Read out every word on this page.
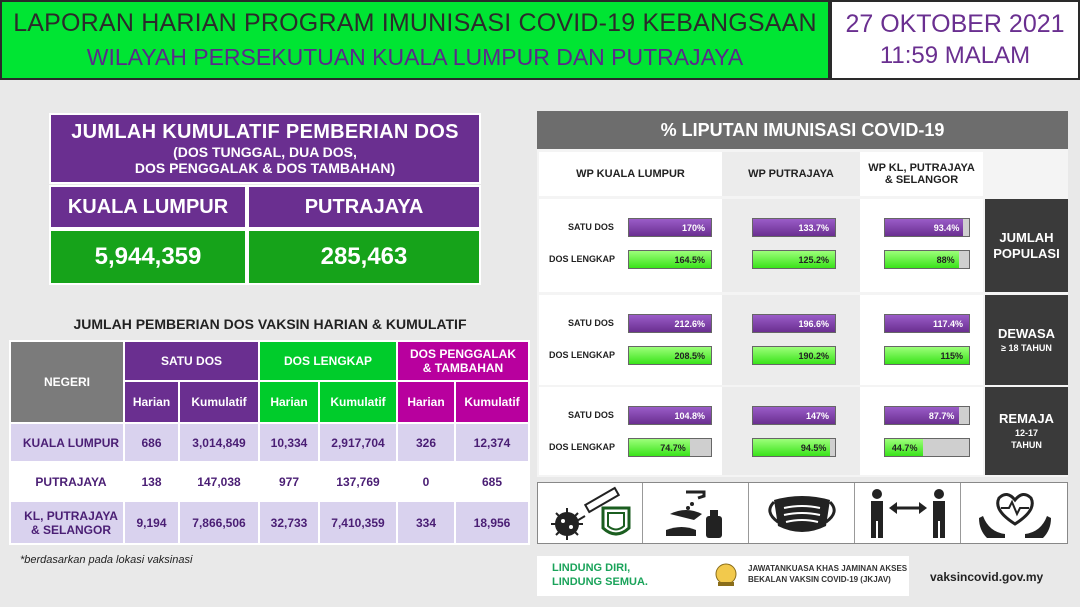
LAPORAN HARIAN PROGRAM IMUNISASI COVID-19 KEBANGSAAN
WILAYAH PERSEKUTUAN KUALA LUMPUR DAN PUTRAJAYA
27 OKTOBER 2021
11:59 MALAM
JUMLAH KUMULATIF PEMBERIAN DOS
(DOS TUNGGAL, DUA DOS,
DOS PENGGALAK & DOS TAMBAHAN)
KUALA LUMPUR	PUTRAJAYA
5,944,359	285,463
JUMLAH PEMBERIAN DOS VAKSIN HARIAN & KUMULATIF
NEGERI	SATU DOS		DOS LENGKAP		DOS PENGGALAK
& TAMBAHAN	

	Harian	Kumulatif	Harian	Kumulatif	Harian	Kumulatif
KUALA LUMPUR	686	3,014,849	10,334	2,917,704	326	12,374
PUTRAJAYA	138	147,038	977	137,769	0	685

KL, PUTRAJAYA
& SELANGOR	9,194	7,866,506	32,733	7,410,359	334	18,956
*berdasarkan pada lokasi vaksinasi
% LIPUTAN IMUNISASI COVID-19
WP KUALA LUMPUR	WP PUTRAJAYA	WP KL, PUTRAJAYA
& SELANGOR
SATU DOS	170%	133.7%	93.4%
DOS LENGKAP	164.5%	125.2%	88%
JUMLAH
POPULASI
SATU DOS	212.6%	196.6%	117.4%
DOS LENGKAP	208.5%	190.2%	115%
DEWASA
≥ 18 TAHUN
SATU DOS	104.8%	147%	87.7%
DOS LENGKAP	74.7%	94.5%	44.7%
REMAJA
12-17
TAHUN
LINDUNG DIRI,
LINDUNG SEMUA.
JAWATANKUASA KHAS JAMINAN AKSES
BEKALAN VAKSIN COVID-19 (JKJAV)	vaksincovid.gov.my
